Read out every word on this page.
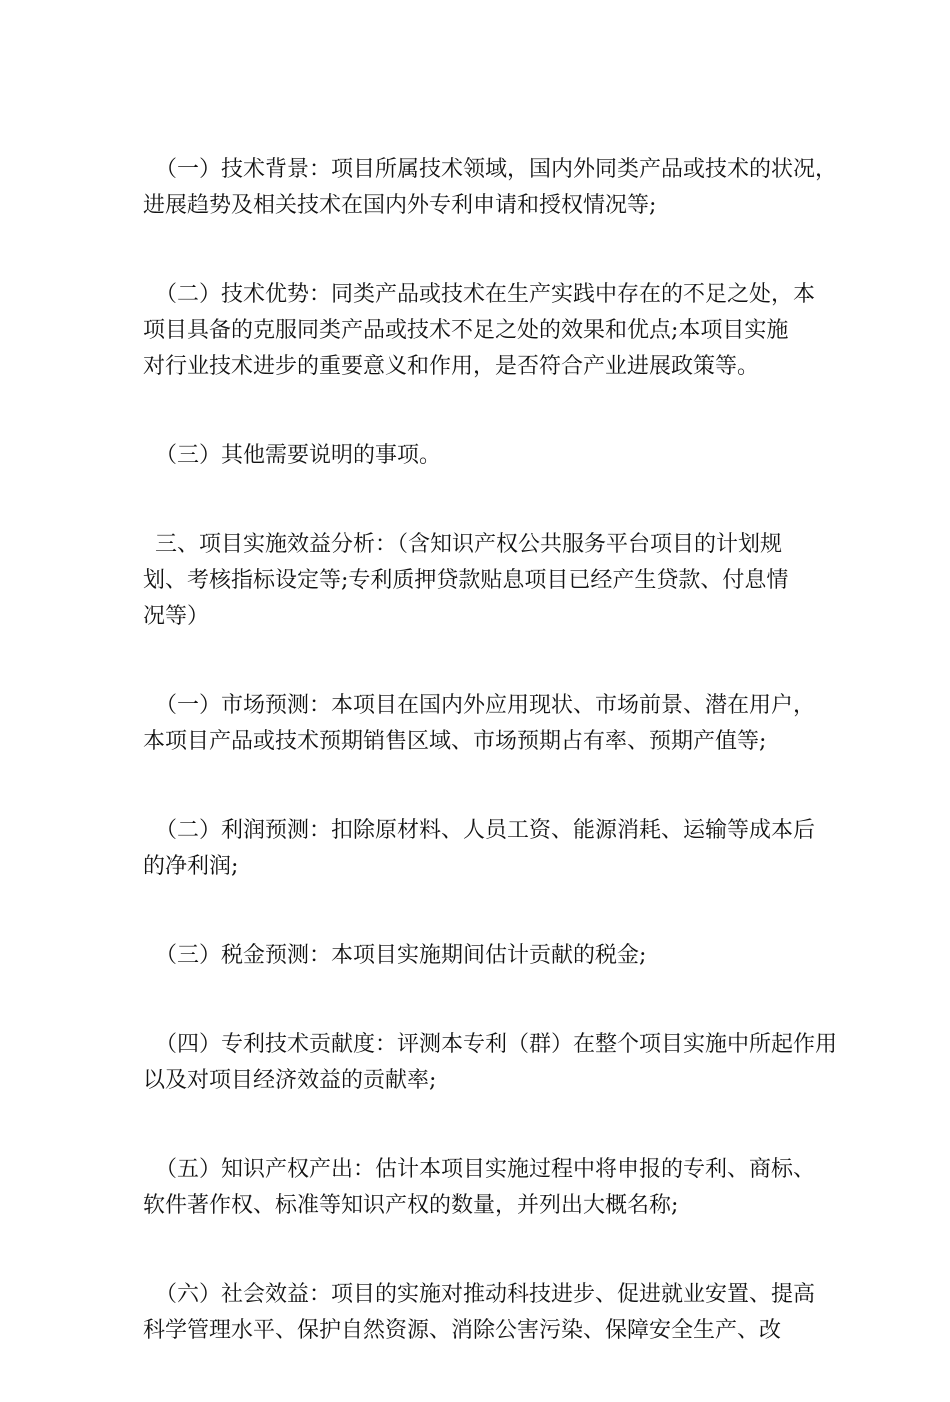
（一）技术背景：项目所属技术领域，国内外同类产品或技术的状况，
进展趋势及相关技术在国内外专利申请和授权情况等;

（二）技术优势：同类产品或技术在生产实践中存在的不足之处，本
项目具备的克服同类产品或技术不足之处的效果和优点;本项目实施
对行业技术进步的重要意义和作用，是否符合产业进展政策等。

（三）其他需要说明的事项。

三、项目实施效益分析：（含知识产权公共服务平台项目的计划规
划、考核指标设定等;专利质押贷款贴息项目已经产生贷款、付息情
况等）

（一）市场预测：本项目在国内外应用现状、市场前景、潜在用户，
本项目产品或技术预期销售区域、市场预期占有率、预期产值等;

（二）利润预测：扣除原材料、人员工资、能源消耗、运输等成本后
的净利润;

（三）税金预测：本项目实施期间估计贡献的税金;

（四）专利技术贡献度：评测本专利（群）在整个项目实施中所起作用
以及对项目经济效益的贡献率;

（五）知识产权产出：估计本项目实施过程中将申报的专利、商标、
软件著作权、标准等知识产权的数量，并列出大概名称;

（六）社会效益：项目的实施对推动科技进步、促进就业安置、提高
科学管理水平、保护自然资源、消除公害污染、保障安全生产、改
